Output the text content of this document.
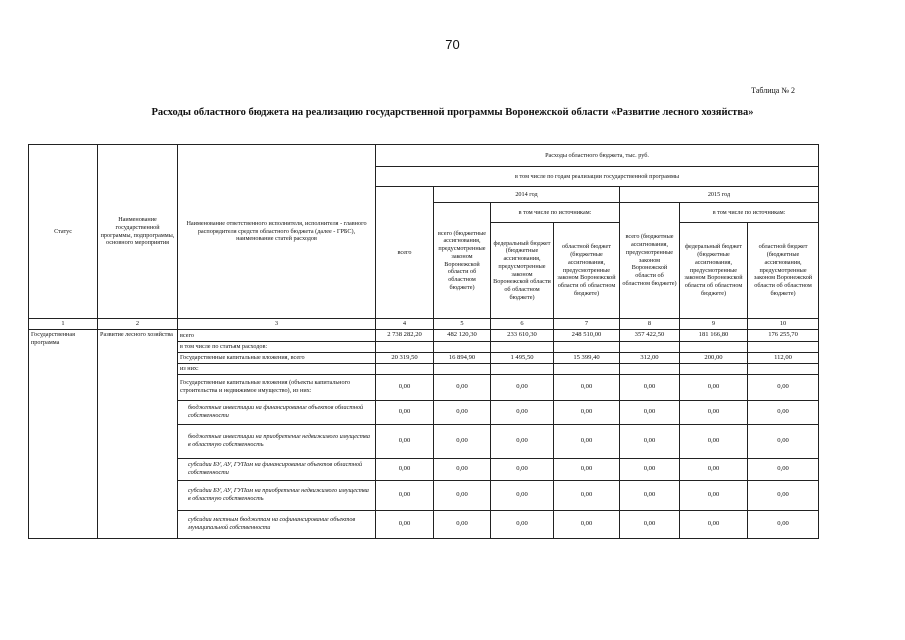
70
Таблица № 2
Расходы областного бюджета на реализацию государственной программы Воронежской области «Развитие лесного хозяйства»
Статус	Наименование государственной программы, подпрограммы, основного мероприятия	Наименование ответственного исполнителя, исполнителя - главного распорядителя средств областного бюджета (далее - ГРБС), наименование статей расходов	Расходы областного бюджета, тыс. руб.						
			в том числе по годам реализации государственной программы						
			всего	2014 год			2015 год		
				всего (бюджетные ассигнования, предусмотренные законом Воронежской области об областном бюджете)	в том числе по источникам:		всего (бюджетные ассигнования, предусмотренные законом Воронежской области об областном бюджете)	в том числе по источникам:	
					федеральный бюджет (бюджетные ассигнования, предусмотренные законом Воронежской области об областном бюджете)	областной бюджет (бюджетные ассигнования, предусмотренные законом Воронежской области об областном бюджете)		федеральный бюджет (бюджетные ассигнования, предусмотренные законом Воронежской области об областном бюджете)	областной бюджет (бюджетные ассигнования, предусмотренные законом Воронежской области об областном бюджете)
1	2	3	4	5	6	7	8	9	10
Государственная программа	Развитие лесного хозяйства	всего	2 738 282,20	482 120,30	233 610,30	248 510,00	357 422,50	181 166,80	176 255,70
		в том числе по статьям расходов:							
		Государственные капитальные вложения, всего	20 319,50	16 894,90	1 495,50	15 399,40	312,00	200,00	112,00
		из них:							
		Государственные капитальные вложения (объекты капитального строительства и недвижимое имущество), из них:	0,00	0,00	0,00	0,00	0,00	0,00	0,00
		бюджетные инвестиции на финансирование объектов областной собственности	0,00	0,00	0,00	0,00	0,00	0,00	0,00
		бюджетные инвестиции на приобретение недвижимого имущества в областную собственность	0,00	0,00	0,00	0,00	0,00	0,00	0,00
		субсидии БУ, АУ, ГУПам на финансирование объектов областной собственности	0,00	0,00	0,00	0,00	0,00	0,00	0,00
		субсидии БУ, АУ, ГУПам на приобретение недвижимого имущества в областную собственность	0,00	0,00	0,00	0,00	0,00	0,00	0,00
		субсидии местным бюджетам на софинансирование объектов муниципальной собственности	0,00	0,00	0,00	0,00	0,00	0,00	0,00
